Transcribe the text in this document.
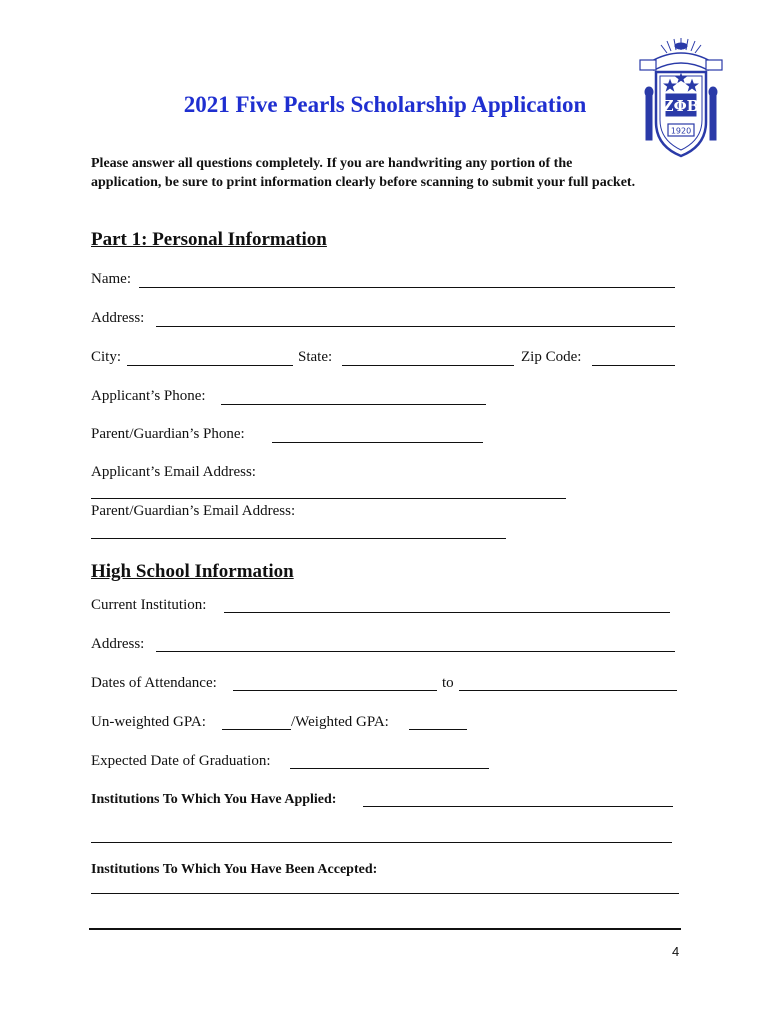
ΖΦΒ
1920
2021 Five Pearls Scholarship Application
Please answer all questions completely. If you are handwriting any portion of the
application, be sure to print information clearly before scanning to submit your full packet.
Part 1: Personal Information
Name:
Address:
City:	State:	Zip Code:
Applicant’s Phone:
Parent/Guardian’s Phone:
Applicant’s Email Address:
Parent/Guardian’s Email Address:
High School Information
Current Institution:
Address:
Dates of Attendance:	to
Un-weighted GPA:	/Weighted GPA:
Expected Date of Graduation:
Institutions To Which You Have Applied:
Institutions To Which You Have Been Accepted:
4
